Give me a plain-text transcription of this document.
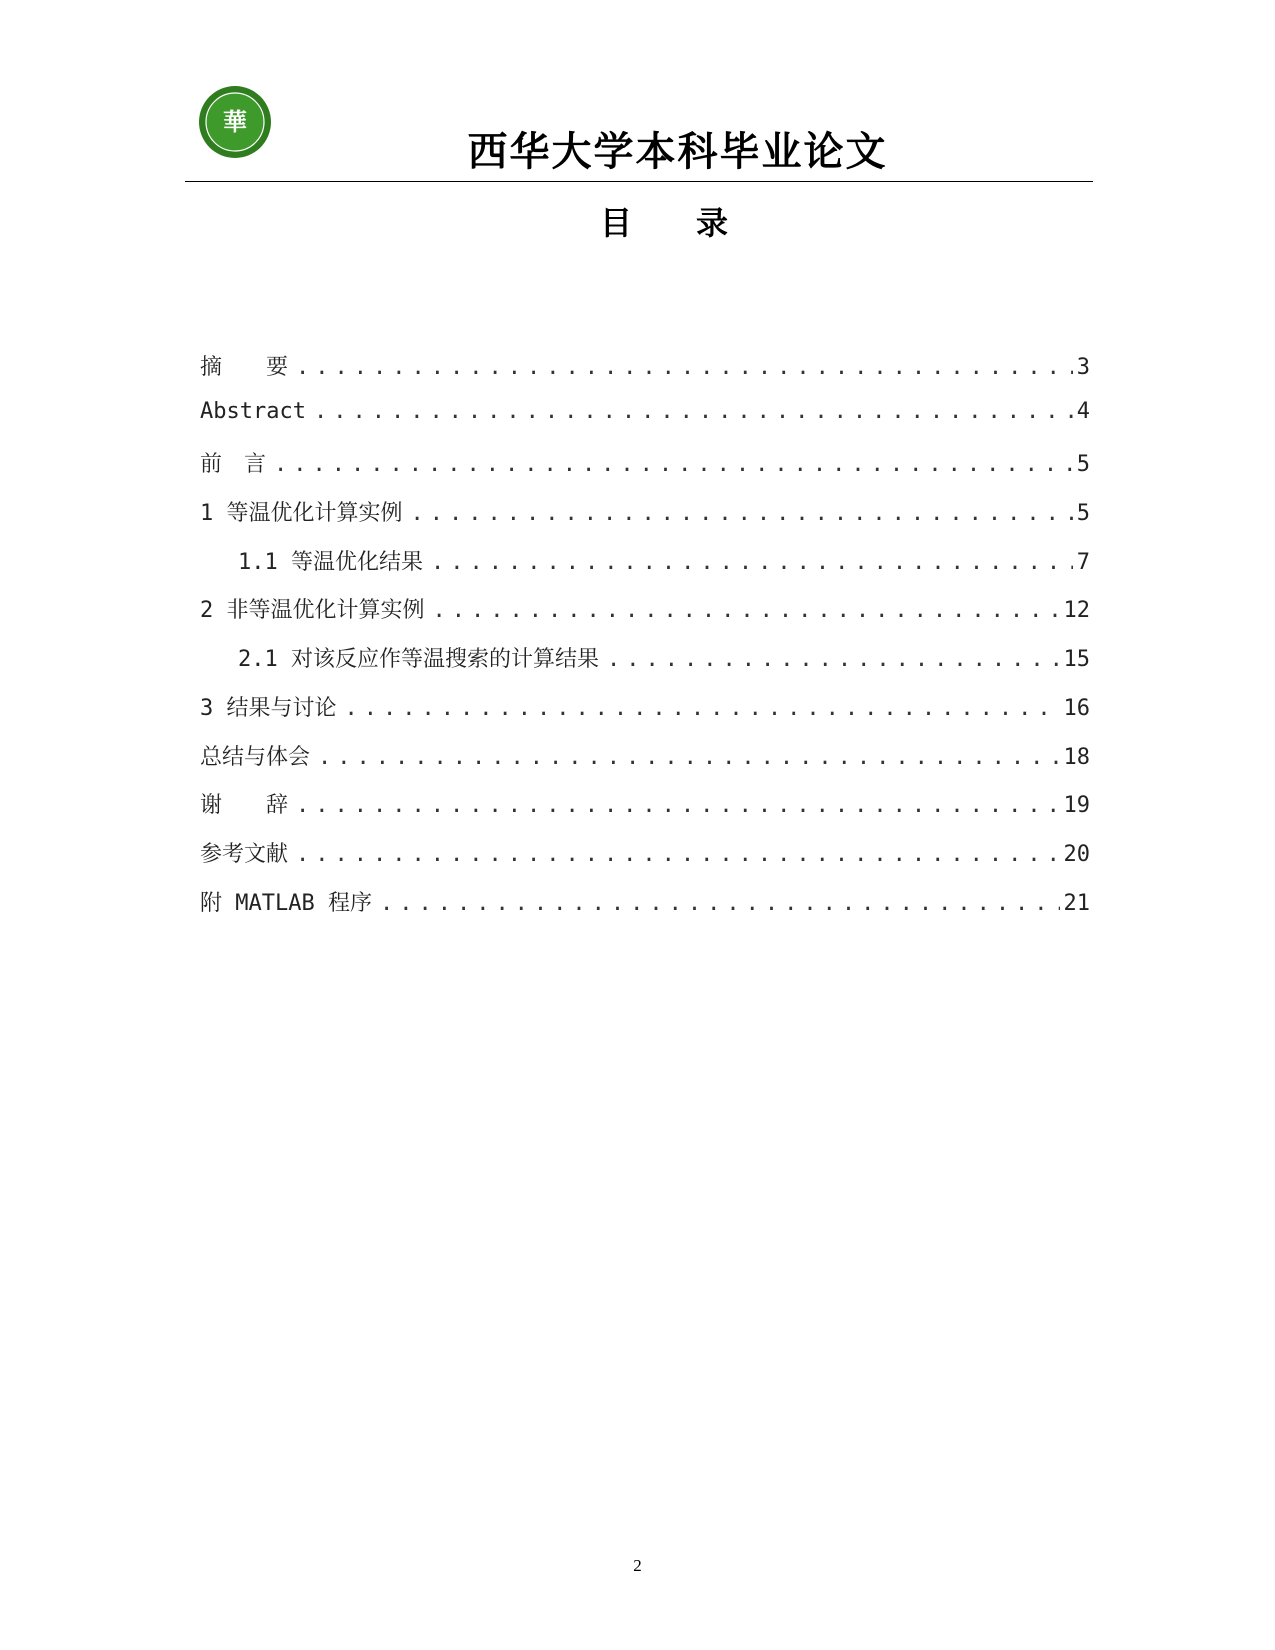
華
西华大学本科毕业论文
目 录
摘　　要 .....	3
Abstract .....	4
前　言 .....	5
1 等温优化计算实例 .....	5
1.1 等温优化结果 .....	7
2 非等温优化计算实例 .....	12
2.1 对该反应作等温搜索的计算结果 .....	15
3 结果与讨论 .....	16
总结与体会 .....	18
谢　　辞 .....	19
参考文献 .....	20
附 MATLAB 程序 .....	21
2
